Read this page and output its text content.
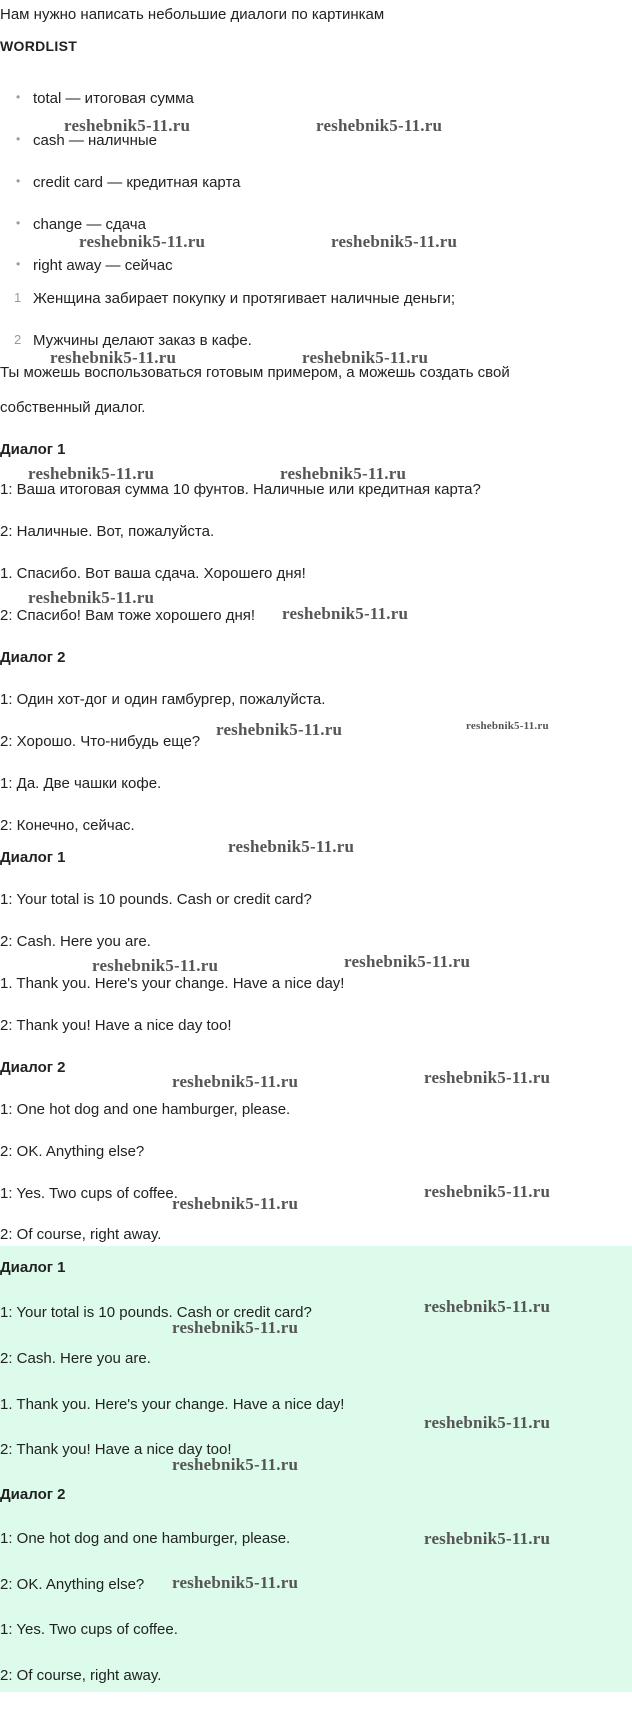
Нам нужно написать небольшие диалоги по картинкам
WORDLIST
• total — итоговая сумма
• cash — наличные
• credit card — кредитная карта
• change — сдача
• right away — сейчас
1 Женщина забирает покупку и протягивает наличные деньги;
2 Мужчины делают заказ в кафе.
Ты можешь воспользоваться готовым примером, а можешь создать свой
собственный диалог.
Диалог 1
1: Ваша итоговая сумма 10 фунтов. Наличные или кредитная карта?
2: Наличные. Вот, пожалуйста.
1. Спасибо. Вот ваша сдача. Хорошего дня!
2: Спасибо! Вам тоже хорошего дня!
Диалог 2
1: Один хот-дог и один гамбургер, пожалуйста.
2: Хорошо. Что-нибудь еще?
1: Да. Две чашки кофе.
2: Конечно, сейчас.
Диалог 1
1: Your total is 10 pounds. Cash or credit card?
2: Cash. Here you are.
1. Thank you. Here's your change. Have a nice day!
2: Thank you! Have a nice day too!
Диалог 2
1: One hot dog and one hamburger, please.
2: OK. Anything else?
1: Yes. Two cups of coffee.
2: Of course, right away.
Диалог 1
1: Your total is 10 pounds. Cash or credit card?
2: Cash. Here you are.
1. Thank you. Here's your change. Have a nice day!
2: Thank you! Have a nice day too!
Диалог 2
1: One hot dog and one hamburger, please.
2: OK. Anything else?
1: Yes. Two cups of coffee.
2: Of course, right away.
reshebnik5-11.ru	reshebnik5-11.ru
reshebnik5-11.ru	reshebnik5-11.ru
reshebnik5-11.ru	reshebnik5-11.ru
reshebnik5-11.ru	reshebnik5-11.ru
reshebnik5-11.ru
reshebnik5-11.ru
reshebnik5-11.ru	reshebnik5-11.ru
reshebnik5-11.ru
reshebnik5-11.ru	reshebnik5-11.ru
reshebnik5-11.ru	reshebnik5-11.ru
reshebnik5-11.ru
reshebnik5-11.ru
reshebnik5-11.ru
reshebnik5-11.ru
reshebnik5-11.ru
reshebnik5-11.ru
reshebnik5-11.ru
reshebnik5-11.ru
